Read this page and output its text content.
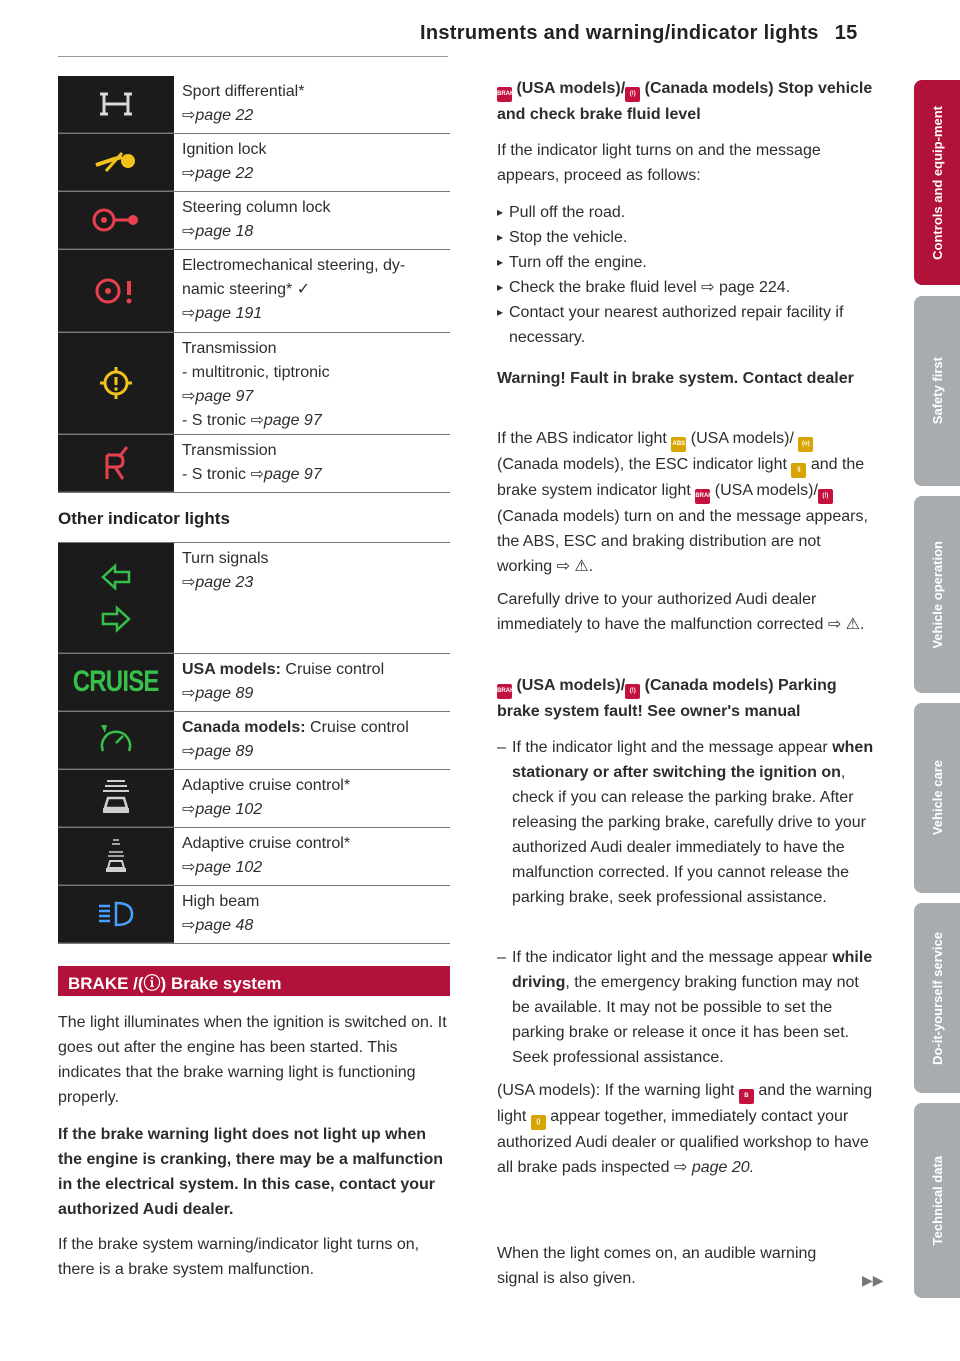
Instruments and warning/indicator lights 15
Sport differential*
⇨page 22
Ignition lock
⇨page 22
Steering column lock
⇨page 18
Electromechanical steering, dy-
namic steering* ✓
⇨page 191
Transmission
- multitronic, tiptronic
⇨page 97
- S tronic ⇨page 97
Transmission
- S tronic ⇨page 97
Other indicator lights
Turn signals
⇨page 23
CRUISE USA models: Cruise control
⇨page 89
Canada models: Cruise control
⇨page 89
Adaptive cruise control*
⇨page 102
Adaptive cruise control*
⇨page 102
High beam
⇨page 48
BRAKE /(ⓘ) Brake system
The light illuminates when the ignition is switched on. It goes out after the engine has been started. This indicates that the brake warning light is functioning properly.
If the brake warning light does not light up when the engine is cranking, there may be a malfunction in the electrical system. In this case, contact your authorized Audi dealer.
If the brake system warning/indicator light turns on, there is a brake system malfunction.
BRAKE (USA models)/ (!) (Canada models) Stop vehicle and check brake fluid level
If the indicator light turns on and the message appears, proceed as follows:
▸ Pull off the road.
▸ Stop the vehicle.
▸ Turn off the engine.
▸ Check the brake fluid level ⇨ page 224.
▸ Contact your nearest authorized repair facility if necessary.
Warning! Fault in brake system. Contact dealer
If the ABS indicator light ABS (USA models)/ (o) (Canada models), the ESC indicator light § and the brake system indicator light BRAKE (USA models)/ (!) (Canada models) turn on and the message appears, the ABS, ESC and braking distribution are not working ⇨ ⚠.
Carefully drive to your authorized Audi dealer immediately to have the malfunction corrected ⇨ ⚠.
BRAKE (USA models)/ (!) (Canada models) Parking brake system fault! See owner's manual
– If the indicator light and the message appear when stationary or after switching the ignition on, check if you can release the parking brake. After releasing the parking brake, carefully drive to your authorized Audi dealer immediately to have the malfunction corrected. If you cannot release the parking brake, seek professional assistance.
– If the indicator light and the message appear while driving, the emergency braking function may not be available. It may not be possible to set the parking brake or release it once it has been set. Seek professional assistance.
(USA models): If the warning light B and the warning light () appear together, immediately contact your authorized Audi dealer or qualified workshop to have all brake pads inspected ⇨ page 20.
When the light comes on, an audible warning signal is also given.	▶▶
Controls and equip-ment
Safety first
Vehicle operation
Vehicle care
Do-it-yourself service
Technical data
